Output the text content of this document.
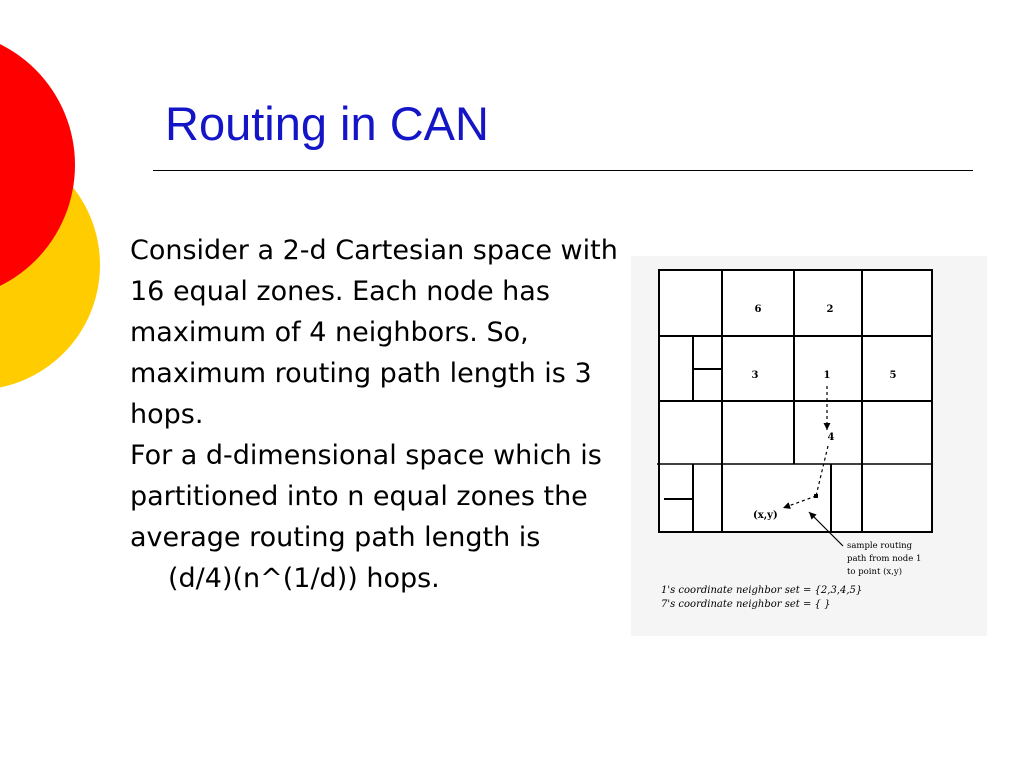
Routing in CAN

Consider a 2-d Cartesian space with 16 equal zones. Each node has maximum of 4 neighbors. So, maximum routing path length is 3 hops.

For a d-dimensional space which is partitioned into n equal zones the average routing path length is

(d/4)(n^(1/d)) hops.

6	2
3	1	5
4
(x,y)
sample routing
path from node 1
to point (x,y)
1's coordinate neighbor set = {2,3,4,5}
7's coordinate neighbor set = { }
